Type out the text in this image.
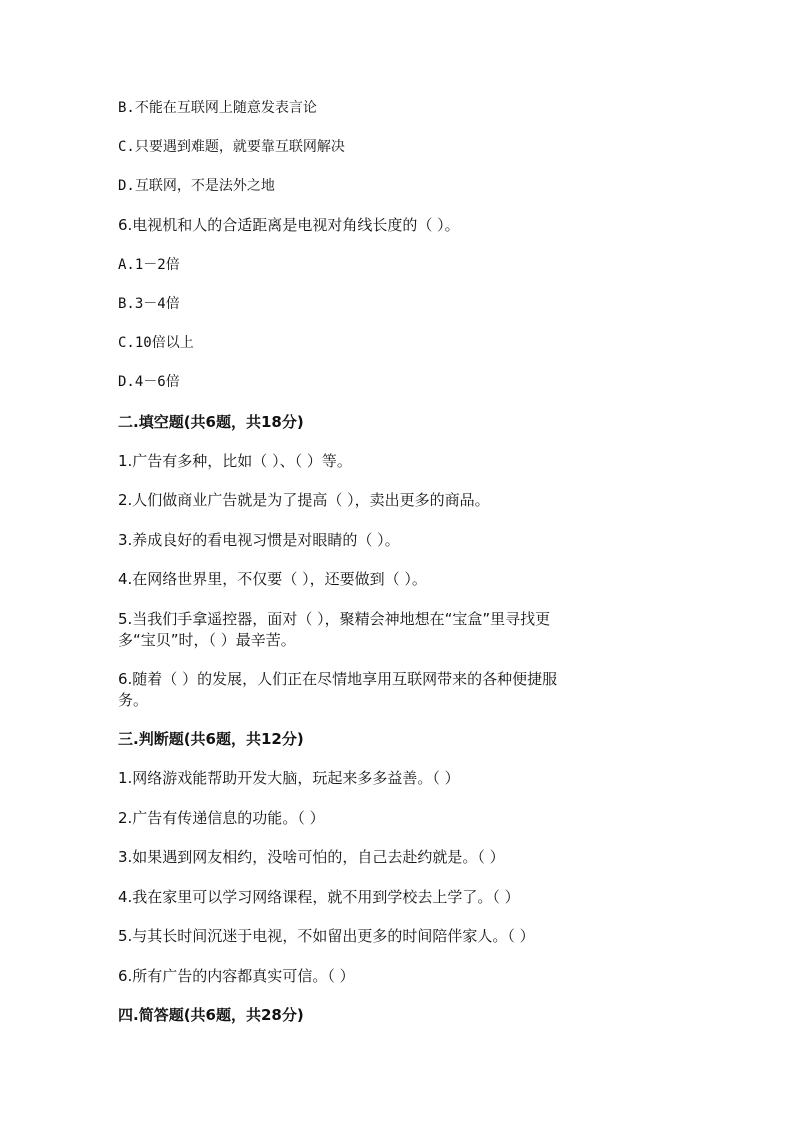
B.不能在互联网上随意发表言论
C.只要遇到难题，就要靠互联网解决
D.互联网，不是法外之地
6.电视机和人的合适距离是电视对角线长度的（ ）。
A.1－2倍
B.3－4倍
C.10倍以上
D.4－6倍
二.填空题(共6题，共18分)
1.广告有多种，比如（ ）、（ ）等。
2.人们做商业广告就是为了提高（ ），卖出更多的商品。
3.养成良好的看电视习惯是对眼睛的（ ）。
4.在网络世界里，不仅要（ ），还要做到（ ）。
5.当我们手拿遥控器，面对（ ），聚精会神地想在“宝盒”里寻找更
多“宝贝”时，（ ）最辛苦。
6.随着（ ）的发展，人们正在尽情地享用互联网带来的各种便捷服
务。
三.判断题(共6题，共12分)
1.网络游戏能帮助开发大脑，玩起来多多益善。（ ）
2.广告有传递信息的功能。（ ）
3.如果遇到网友相约，没啥可怕的，自己去赴约就是。（ ）
4.我在家里可以学习网络课程，就不用到学校去上学了。（ ）
5.与其长时间沉迷于电视，不如留出更多的时间陪伴家人。（ ）
6.所有广告的内容都真实可信。（ ）
四.简答题(共6题，共28分)
